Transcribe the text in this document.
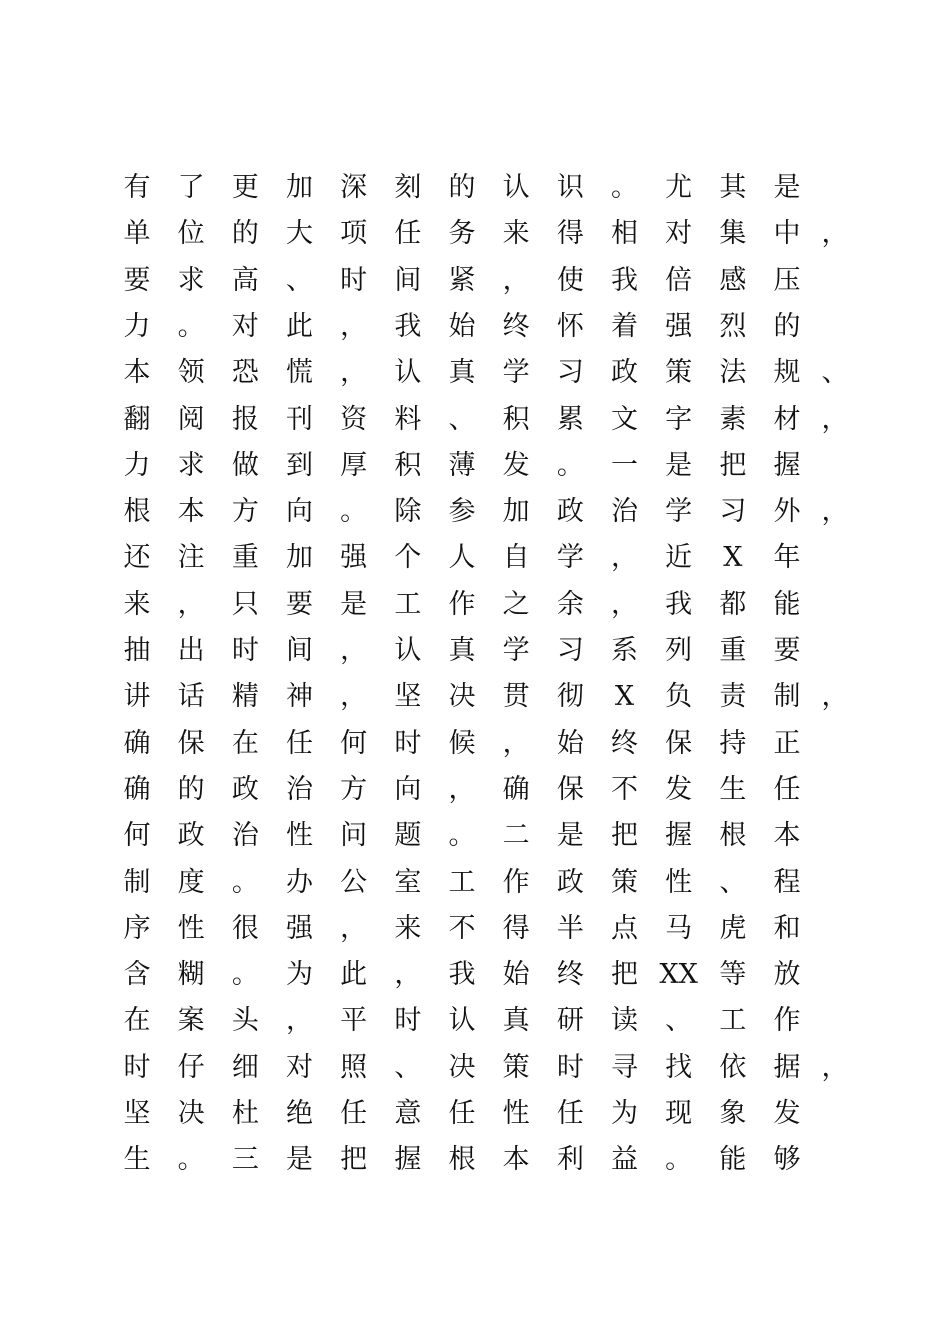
有 了 更 加 深 刻 的 认 识 。 尤 其 是
单 位 的 大 项 任 务 来 得 相 对 集 中 ，
要 求 高 、 时 间 紧 ， 使 我 倍 感 压
力 。 对 此 ， 我 始 终 怀 着 强 烈 的
本 领 恐 慌 ， 认 真 学 习 政 策 法 规 、
翻 阅 报 刊 资 料 、 积 累 文 字 素 材 ，
力 求 做 到 厚 积 薄 发 。 一 是 把 握
根 本 方 向 。 除 参 加 政 治 学 习 外 ，
还 注 重 加 强 个 人 自 学 ， 近	X	年
来 ， 只 要 是 工 作 之 余 ， 我 都 能
抽 出 时 间 ， 认 真 学 习 系 列 重 要
讲 话 精 神 ， 坚 决 贯 彻	X	负 责 制 ，
确 保 在 任 何 时 候 ， 始 终 保 持 正
确 的 政 治 方 向 ， 确 保 不 发 生 任
何 政 治 性 问 题 。 二 是 把 握 根 本
制 度 。 办 公 室 工 作 政 策 性 、 程
序 性 很 强 ， 来 不 得 半 点 马 虎 和
含 糊 。 为 此 ， 我 始 终 把 XX 等 放
在 案 头 ， 平 时 认 真 研 读 、 工 作
时 仔 细 对 照 、 决 策 时 寻 找 依 据 ，
坚 决 杜 绝 任 意 任 性 任 为 现 象 发
生 。 三 是 把 握 根 本 利 益 。 能 够
